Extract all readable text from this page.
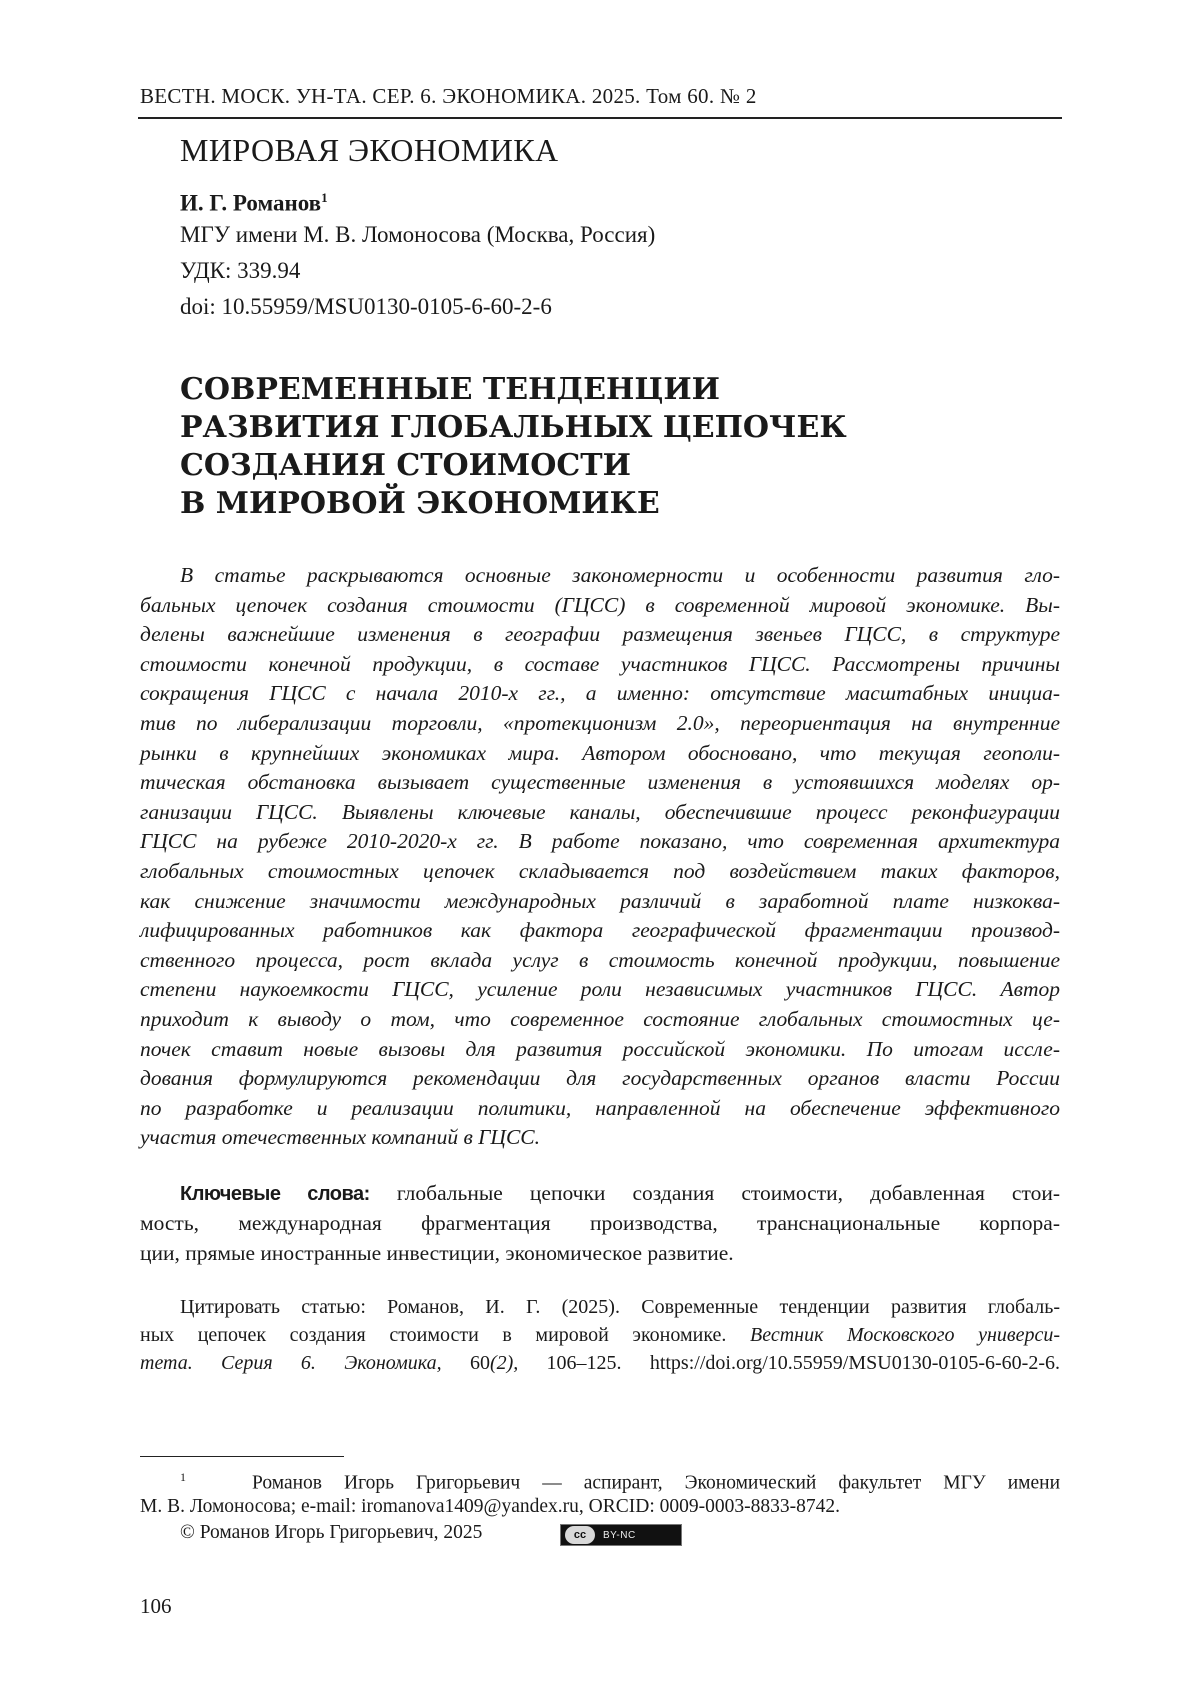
ВЕСТН. МОСК. УН-ТА. СЕР. 6. ЭКОНОМИКА. 2025. Том 60. № 2
МИРОВАЯ ЭКОНОМИКА
И. Г. Романов$^1$
МГУ имени М. В. Ломоносова (Москва, Россия)
УДК: 339.94
doi: 10.55959/MSU0130-0105-6-60-2-6
СОВРЕМЕННЫЕ ТЕНДЕНЦИИ
РАЗВИТИЯ ГЛОБАЛЬНЫХ ЦЕПОЧЕК
СОЗДАНИЯ СТОИМОСТИ
В МИРОВОЙ ЭКОНОМИКЕ
В статье раскрываются основные закономерности и особенности развития гло-
бальных цепочек создания стоимости (ГЦСС) в современной мировой экономике. Вы-
делены важнейшие изменения в географии размещения звеньев ГЦСС, в структуре
стоимости конечной продукции, в составе участников ГЦСС. Рассмотрены причины
сокращения ГЦСС с начала 2010-х гг., а именно: отсутствие масштабных инициа-
тив по либерализации торговли, «протекционизм 2.0», переориентация на внутренние
рынки в крупнейших экономиках мира. Автором обосновано, что текущая геополи-
тическая обстановка вызывает существенные изменения в устоявшихся моделях ор-
ганизации ГЦСС. Выявлены ключевые каналы, обеспечившие процесс реконфигурации
ГЦСС на рубеже 2010-2020-х гг. В работе показано, что современная архитектура
глобальных стоимостных цепочек складывается под воздействием таких факторов,
как снижение значимости международных различий в заработной плате низкоква-
лифицированных работников как фактора географической фрагментации производ-
ственного процесса, рост вклада услуг в стоимость конечной продукции, повышение
степени наукоемкости ГЦСС, усиление роли независимых участников ГЦСС. Автор
приходит к выводу о том, что современное состояние глобальных стоимостных це-
почек ставит новые вызовы для развития российской экономики. По итогам иссле-
дования формулируются рекомендации для государственных органов власти России
по разработке и реализации политики, направленной на обеспечение эффективного
участия отечественных компаний в ГЦСС.
Ключевые слова: глобальные цепочки создания стоимости, добавленная стои-
мость, международная фрагментация производства, транснациональные корпора-
ции, прямые иностранные инвестиции, экономическое развитие.
Цитировать статью: Романов, И. Г. (2025). Современные тенденции развития глобаль-
ных цепочек создания стоимости в мировой экономике. Вестник Московского универси-
тета. Серия 6. Экономика, 60(2), 106–125. https://doi.org/10.55959/MSU0130-0105-6-60-2-6.
$^1$	Романов Игорь Григорьевич — аспирант, Экономический факультет МГУ имени
М. В. Ломоносова; e-mail: iromanova1409@yandex.ru, ORCID: 0009-0003-8833-8742.
© Романов Игорь Григорьевич, 2025	cc	BY-NC
106
